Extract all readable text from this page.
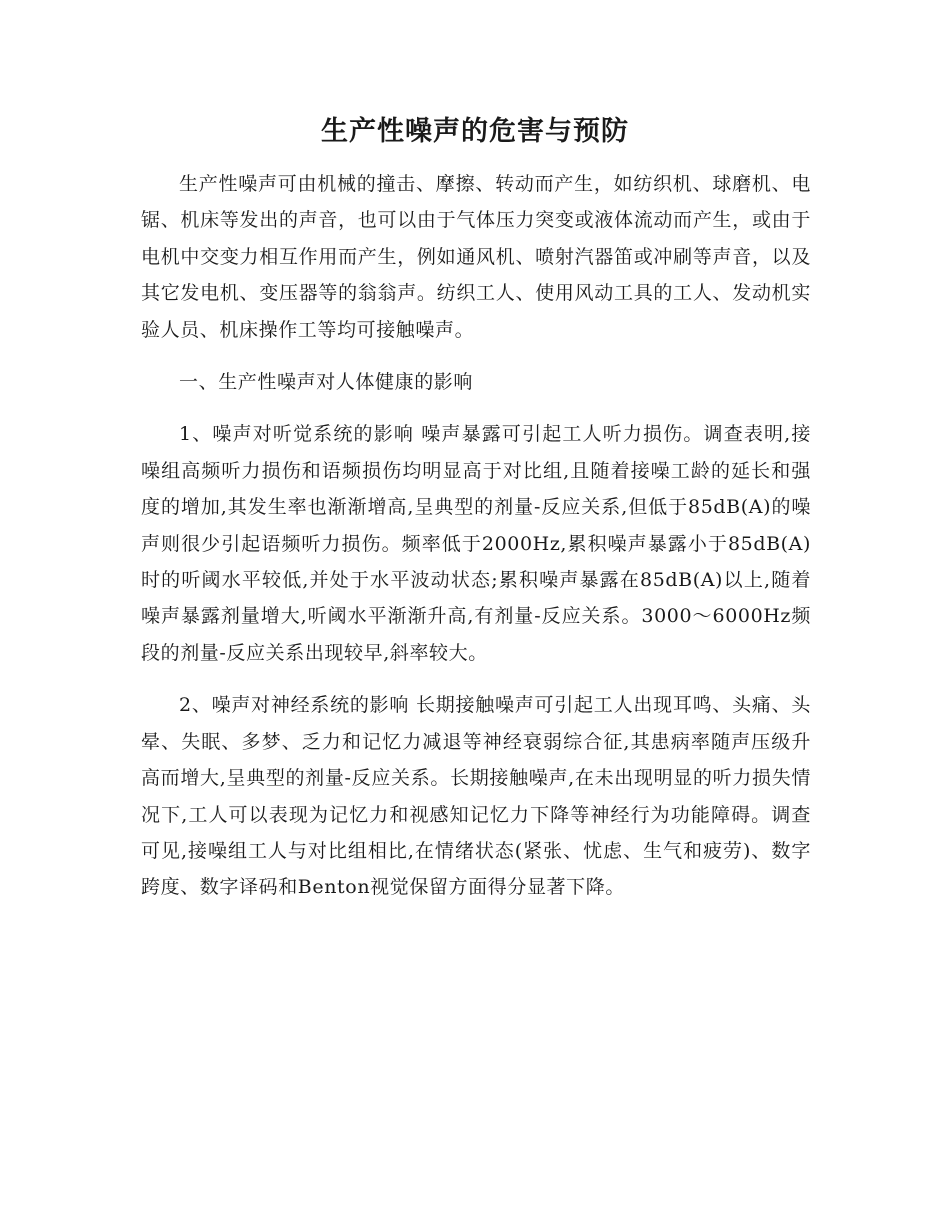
生产性噪声的危害与预防

生产性噪声可由机械的撞击、摩擦、转动而产生，如纺织机、球磨机、电锯、机床等发出的声音，也可以由于气体压力突变或液体流动而产生，或由于电机中交变力相互作用而产生，例如通风机、喷射汽器笛或冲刷等声音，以及其它发电机、变压器等的翁翁声。纺织工人、使用风动工具的工人、发动机实验人员、机床操作工等均可接触噪声。

一、生产性噪声对人体健康的影响

1、噪声对听觉系统的影响 噪声暴露可引起工人听力损伤。调查表明,接噪组高频听力损伤和语频损伤均明显高于对比组,且随着接噪工龄的延长和强度的增加,其发生率也渐渐增高,呈典型的剂量-反应关系,但低于85dB(A)的噪声则很少引起语频听力损伤。频率低于2000Hz,累积噪声暴露小于85dB(A)时的听阈水平较低,并处于水平波动状态;累积噪声暴露在85dB(A)以上,随着噪声暴露剂量增大,听阈水平渐渐升高,有剂量-反应关系。3000～6000Hz频段的剂量-反应关系出现较早,斜率较大。

2、噪声对神经系统的影响 长期接触噪声可引起工人出现耳鸣、头痛、头晕、失眠、多梦、乏力和记忆力减退等神经衰弱综合征,其患病率随声压级升高而增大,呈典型的剂量-反应关系。长期接触噪声,在未出现明显的听力损失情况下,工人可以表现为记忆力和视感知记忆力下降等神经行为功能障碍。调查可见,接噪组工人与对比组相比,在情绪状态(紧张、忧虑、生气和疲劳)、数字跨度、数字译码和Benton视觉保留方面得分显著下降。
